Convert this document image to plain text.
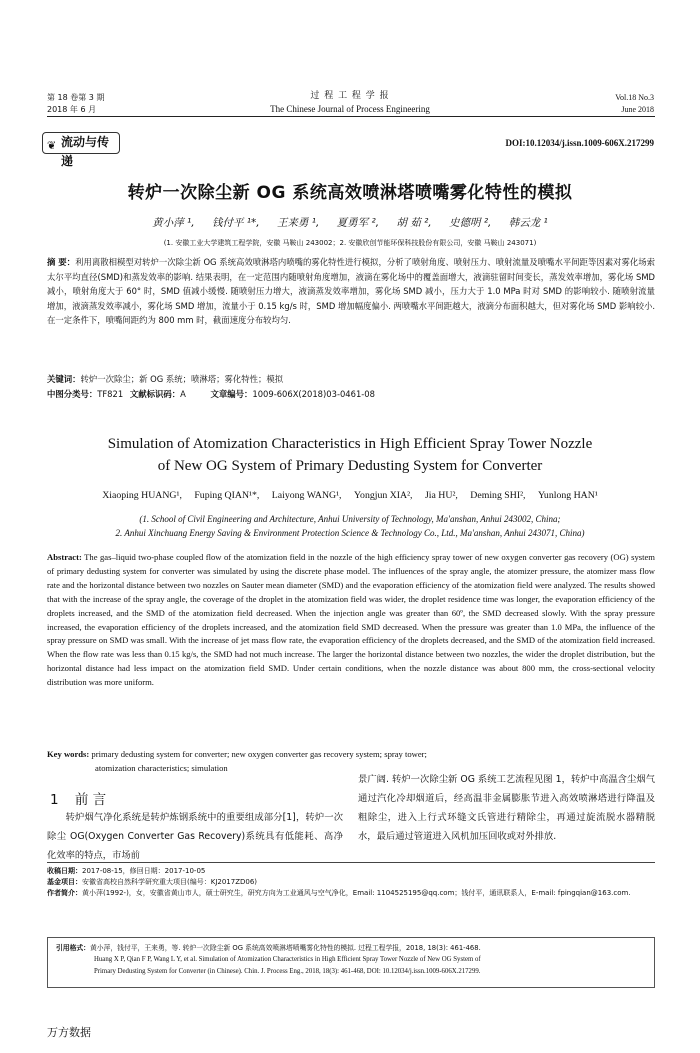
第 18 卷第 3 期
2018 年 6 月
过 程 工 程 学 报
The Chinese Journal of Process Engineering
Vol.18 No.3
June 2018
❦ 流动与传递
DOI:10.12034/j.issn.1009-606X.217299
转炉一次除尘新 OG 系统高效喷淋塔喷嘴雾化特性的模拟
黄小萍 ¹, 钱付平 ¹*, 王来勇 ¹, 夏勇军 ², 胡 茹 ², 史德明 ², 韩云龙 ¹
(1. 安徽工业大学建筑工程学院，安徽 马鞍山 243002；2. 安徽欣创节能环保科技股份有限公司，安徽 马鞍山 243071)
摘 要：利用离散相模型对转炉一次除尘新 OG 系统高效喷淋塔内喷嘴的雾化特性进行模拟，分析了喷射角度、喷射压力、喷射流量及喷嘴水平间距等因素对雾化场索太尔平均直径(SMD)和蒸发效率的影响. 结果表明，在一定范围内随喷射角度增加，液滴在雾化场中的覆盖面增大，液滴驻留时间变长，蒸发效率增加，雾化场 SMD 减小，喷射角度大于 60° 时，SMD 值减小缓慢. 随喷射压力增大，液滴蒸发效率增加，雾化场 SMD 减小，压力大于 1.0 MPa 时对 SMD 的影响较小. 随喷射流量增加，液滴蒸发效率减小，雾化场 SMD 增加，流量小于 0.15 kg/s 时，SMD 增加幅度偏小. 两喷嘴水平间距越大，液滴分布面积越大，但对雾化场 SMD 影响较小. 在一定条件下，喷嘴间距约为 800 mm 时，截面速度分布较均匀.
关键词：转炉一次除尘；新 OG 系统；喷淋塔；雾化特性；模拟
中图分类号：TF821 文献标识码：A	文章编号：1009-606X(2018)03-0461-08
Simulation of Atomization Characteristics in High Efficient Spray Tower Nozzle
of New OG System of Primary Dedusting System for Converter
Xiaoping HUANG¹, Fuping QIAN¹*, Laiyong WANG¹, Yongjun XIA², Jia HU², Deming SHI², Yunlong HAN¹
(1. School of Civil Engineering and Architecture, Anhui University of Technology, Ma'anshan, Anhui 243002, China;
2. Anhui Xinchuang Energy Saving & Environment Protection Science & Technology Co., Ltd., Ma'anshan, Anhui 243071, China)
Abstract: The gas–liquid two-phase coupled flow of the atomization field in the nozzle of the high efficiency spray tower of new oxygen converter gas recovery (OG) system of primary dedusting system for converter was simulated by using the discrete phase model. The influences of the spray angle, the atomizer pressure, the atomizer mass flow rate and the horizontal distance between two nozzles on Sauter mean diameter (SMD) and the evaporation efficiency of the atomization field were analyzed. The results showed that with the increase of the spray angle, the coverage of the droplet in the atomization field was wider, the droplet residence time was longer, the evaporation efficiency of the droplets increased, and the SMD of the atomization field decreased. When the injection angle was greater than 60º, the SMD decreased slowly. With the spray pressure increased, the evaporation efficiency of the droplets increased, and the atomization field SMD decreased. When the pressure was greater than 1.0 MPa, the influence of the spray pressure on SMD was small. With the increase of jet mass flow rate, the evaporation efficiency of the droplets decreased, and the SMD of the atomization field increased. When the flow rate was less than 0.15 kg/s, the SMD had not much increase. The larger the horizontal distance between two nozzles, the wider the droplet distribution, but the horizontal distance had less impact on the atomization field SMD. Under certain conditions, when the nozzle distance was about 800 mm, the cross-sectional velocity distribution was more uniform.
Key words: primary dedusting system for converter; new oxygen converter gas recovery system; spray tower;
atomization characteristics; simulation
1 前 言
转炉烟气净化系统是转炉炼钢系统中的重要组成部分[1]，转炉一次除尘 OG(Oxygen Converter Gas Recovery)系统具有低能耗、高净化效率的特点，市场前
景广阔. 转炉一次除尘新 OG 系统工艺流程见图 1，转炉中高温含尘烟气通过汽化冷却烟道后，经高温非金属膨胀节进入高效喷淋塔进行降温及粗除尘，进入上行式环缝文氏管进行精除尘，再通过旋流脱水器精脱水，最后通过管道进入风机加压回收或对外排放.
收稿日期：2017-08-15，修回日期：2017-10-05
基金项目：安徽省高校自然科学研究重大项目(编号：KJ2017ZD06)
作者简介：黄小萍(1992-)，女，安徽省黄山市人，硕士研究生，研究方向为工业通风与空气净化，Email: 1104525195@qq.com；钱付平，通讯联系人，E-mail: fpingqian@163.com.
引用格式：黄小萍，钱付平，王来勇，等. 转炉一次除尘新 OG 系统高效喷淋塔喷嘴雾化特性的模拟. 过程工程学报，2018, 18(3): 461-468.
Huang X P, Qian F P, Wang L Y, et al. Simulation of Atomization Characteristics in High Efficient Spray Tower Nozzle of New OG System of
Primary Dedusting System for Converter (in Chinese). Chin. J. Process Eng., 2018, 18(3): 461-468, DOI: 10.12034/j.issn.1009-606X.217299.
万方数据
